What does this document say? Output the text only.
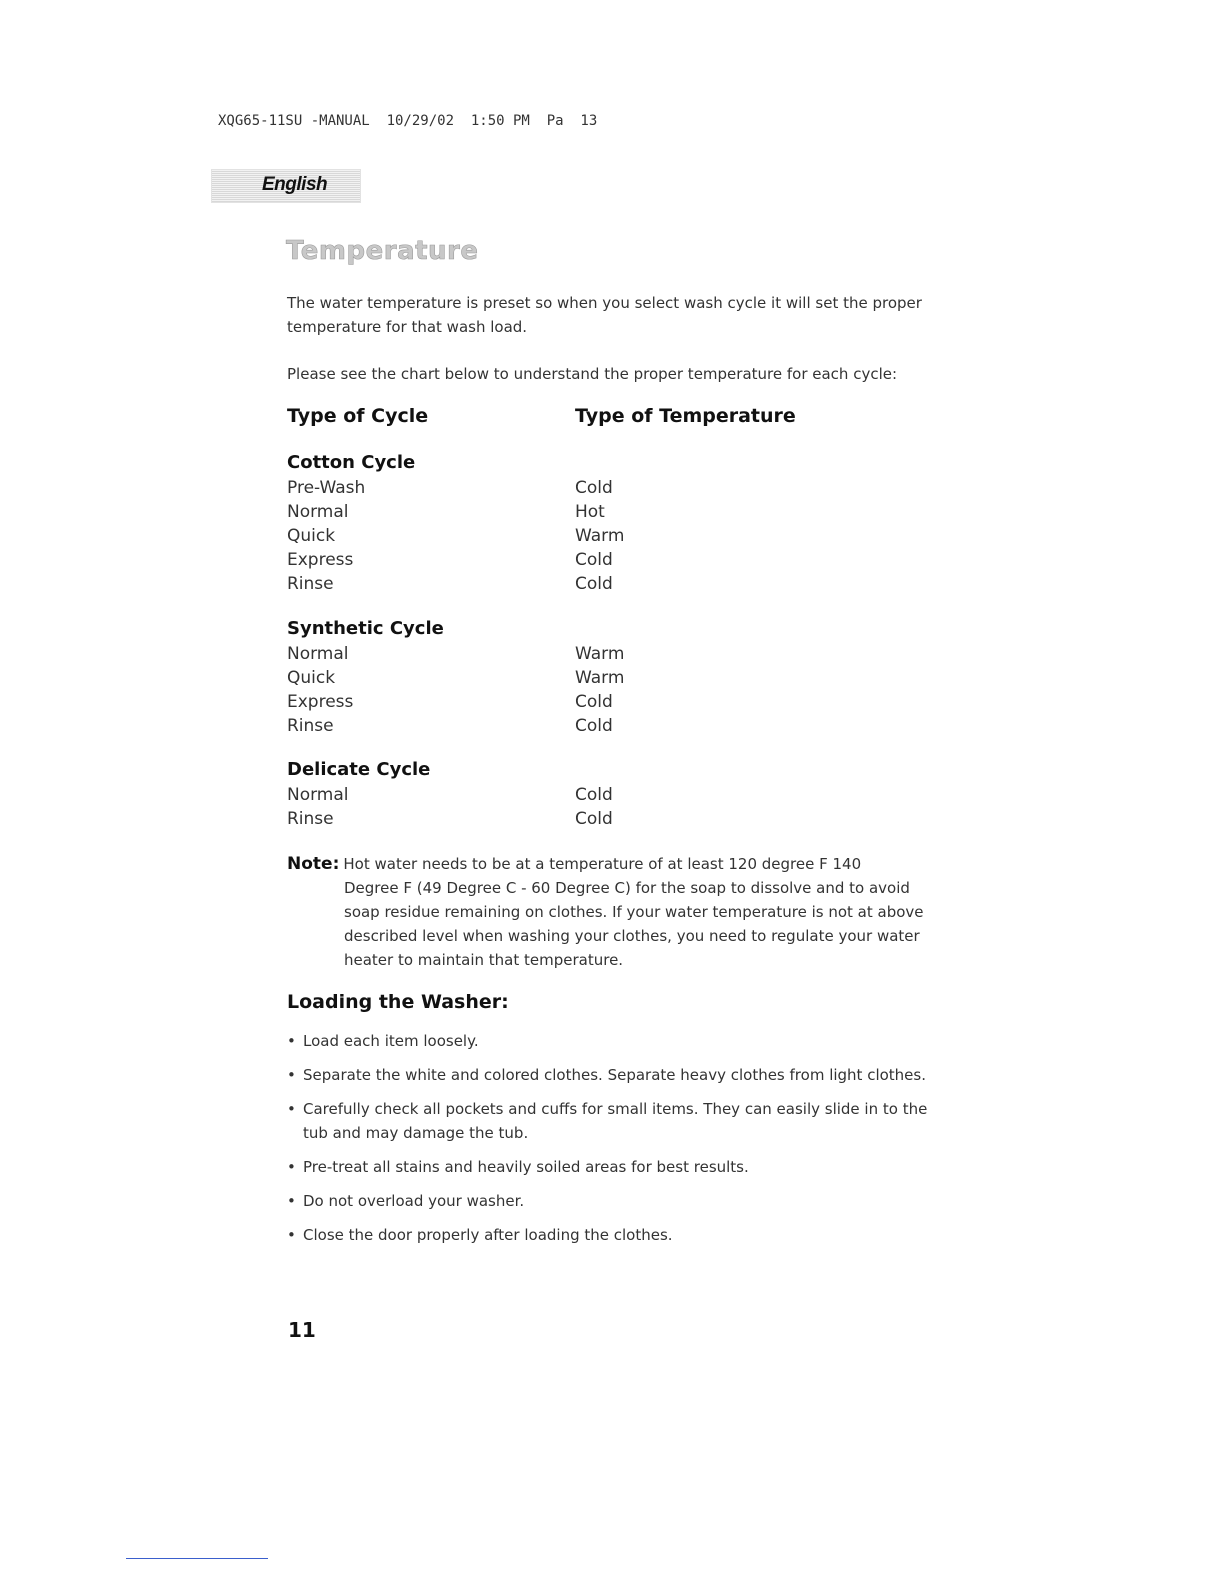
XQG65-11SU -MANUAL  10/29/02  1:50 PM  Pa  13
English
Temperature

The water temperature is preset so when you select wash cycle it will set the proper temperature for that wash load.

Please see the chart below to understand the proper temperature for each cycle:

Type of Cycle	Type of Temperature
Cotton Cycle
Pre-Wash	Cold
Normal	Hot
Quick	Warm
Express	Cold
Rinse	Cold
Synthetic Cycle
Normal	Warm
Quick	Warm
Express	Cold
Rinse	Cold
Delicate Cycle
Normal	Cold
Rinse	Cold
Note: Hot water needs to be at a temperature of at least 120 degree F 140
Degree F (49 Degree C - 60 Degree C) for the soap to dissolve and to avoid soap residue remaining on clothes. If your water temperature is not at above described level when washing your clothes, you need to regulate your water heater to maintain that temperature.
Loading the Washer:
• Load each item loosely.
• Separate the white and colored clothes. Separate heavy clothes from light clothes.
• Carefully check all pockets and cuffs for small items. They can easily slide in to the tub and may damage the tub.
• Pre-treat all stains and heavily soiled areas for best results.
• Do not overload your washer.
• Close the door properly after loading the clothes.
11
